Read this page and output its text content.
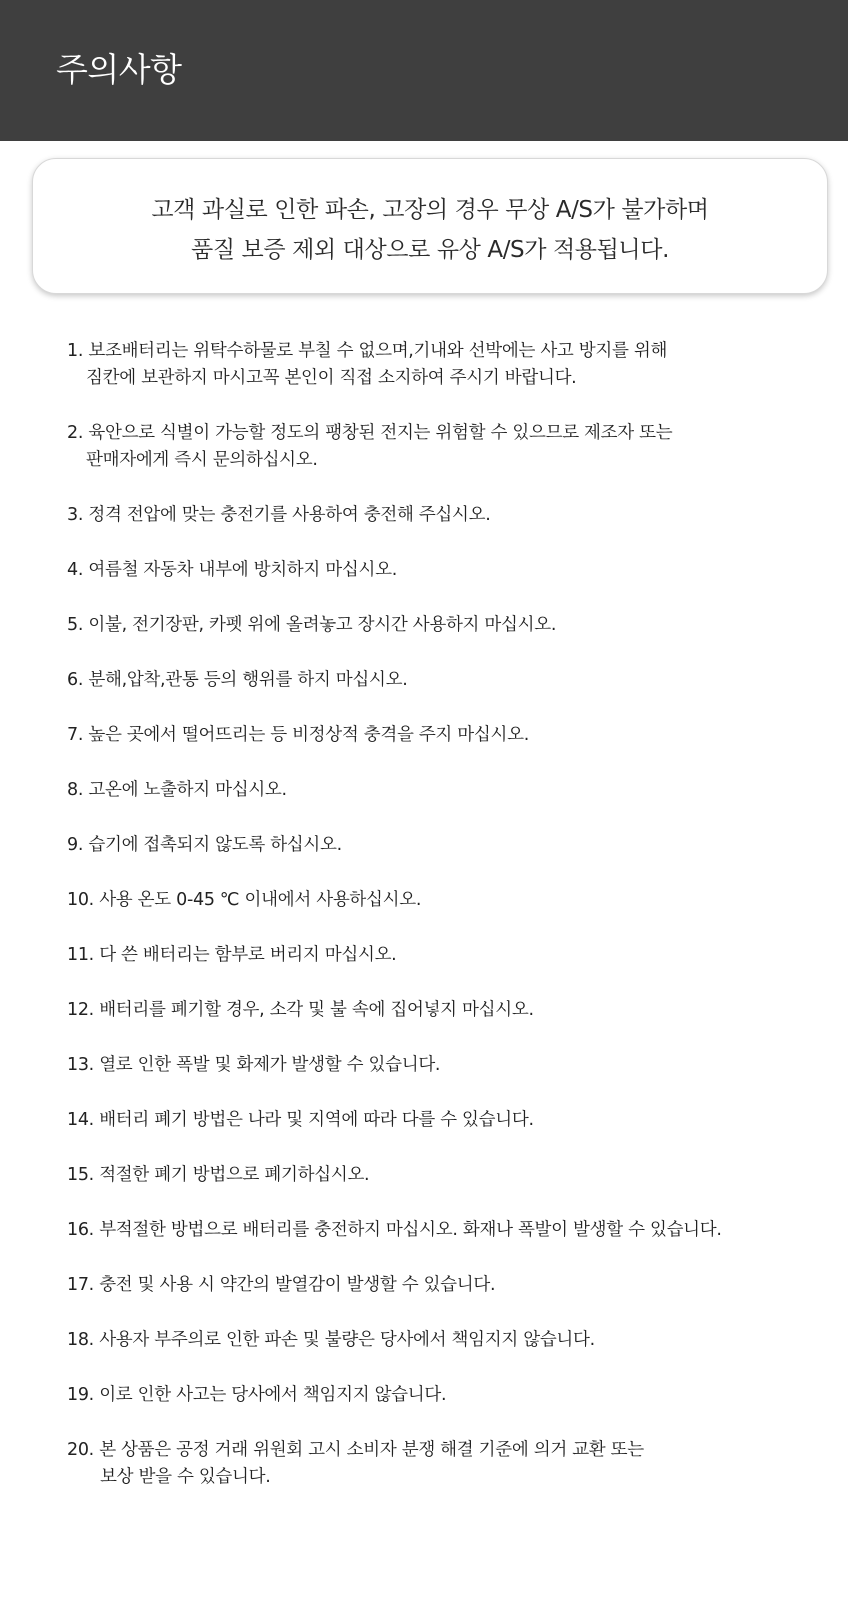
주의사항
고객 과실로 인한 파손, 고장의 경우 무상 A/S가 불가하며
품질 보증 제외 대상으로 유상 A/S가 적용됩니다.
1. 보조배터리는 위탁수하물로 부칠 수 없으며,기내와 선박에는 사고 방지를 위해
짐칸에 보관하지 마시고꼭 본인이 직접 소지하여 주시기 바랍니다.
2. 육안으로 식별이 가능할 정도의 팽창된 전지는 위험할 수 있으므로 제조자 또는
판매자에게 즉시 문의하십시오.
3. 정격 전압에 맞는 충전기를 사용하여 충전해 주십시오.
4. 여름철 자동차 내부에 방치하지 마십시오.
5. 이불, 전기장판, 카펫 위에 올려놓고 장시간 사용하지 마십시오.
6. 분해,압착,관통 등의 행위를 하지 마십시오.
7. 높은 곳에서 떨어뜨리는 등 비정상적 충격을 주지 마십시오.
8. 고온에 노출하지 마십시오.
9. 습기에 접촉되지 않도록 하십시오.
10. 사용 온도 0-45 ℃ 이내에서 사용하십시오.
11. 다 쓴 배터리는 함부로 버리지 마십시오.
12. 배터리를 폐기할 경우, 소각 및 불 속에 집어넣지 마십시오.
13. 열로 인한 폭발 및 화제가 발생할 수 있습니다.
14. 배터리 폐기 방법은 나라 및 지역에 따라 다를 수 있습니다.
15. 적절한 폐기 방법으로 폐기하십시오.
16. 부적절한 방법으로 배터리를 충전하지 마십시오. 화재나 폭발이 발생할 수 있습니다.
17. 충전 및 사용 시 약간의 발열감이 발생할 수 있습니다.
18. 사용자 부주의로 인한 파손 및 불량은 당사에서 책임지지 않습니다.
19. 이로 인한 사고는 당사에서 책임지지 않습니다.
20. 본 상품은 공정 거래 위원회 고시 소비자 분쟁 해결 기준에 의거 교환 또는
보상 받을 수 있습니다.
